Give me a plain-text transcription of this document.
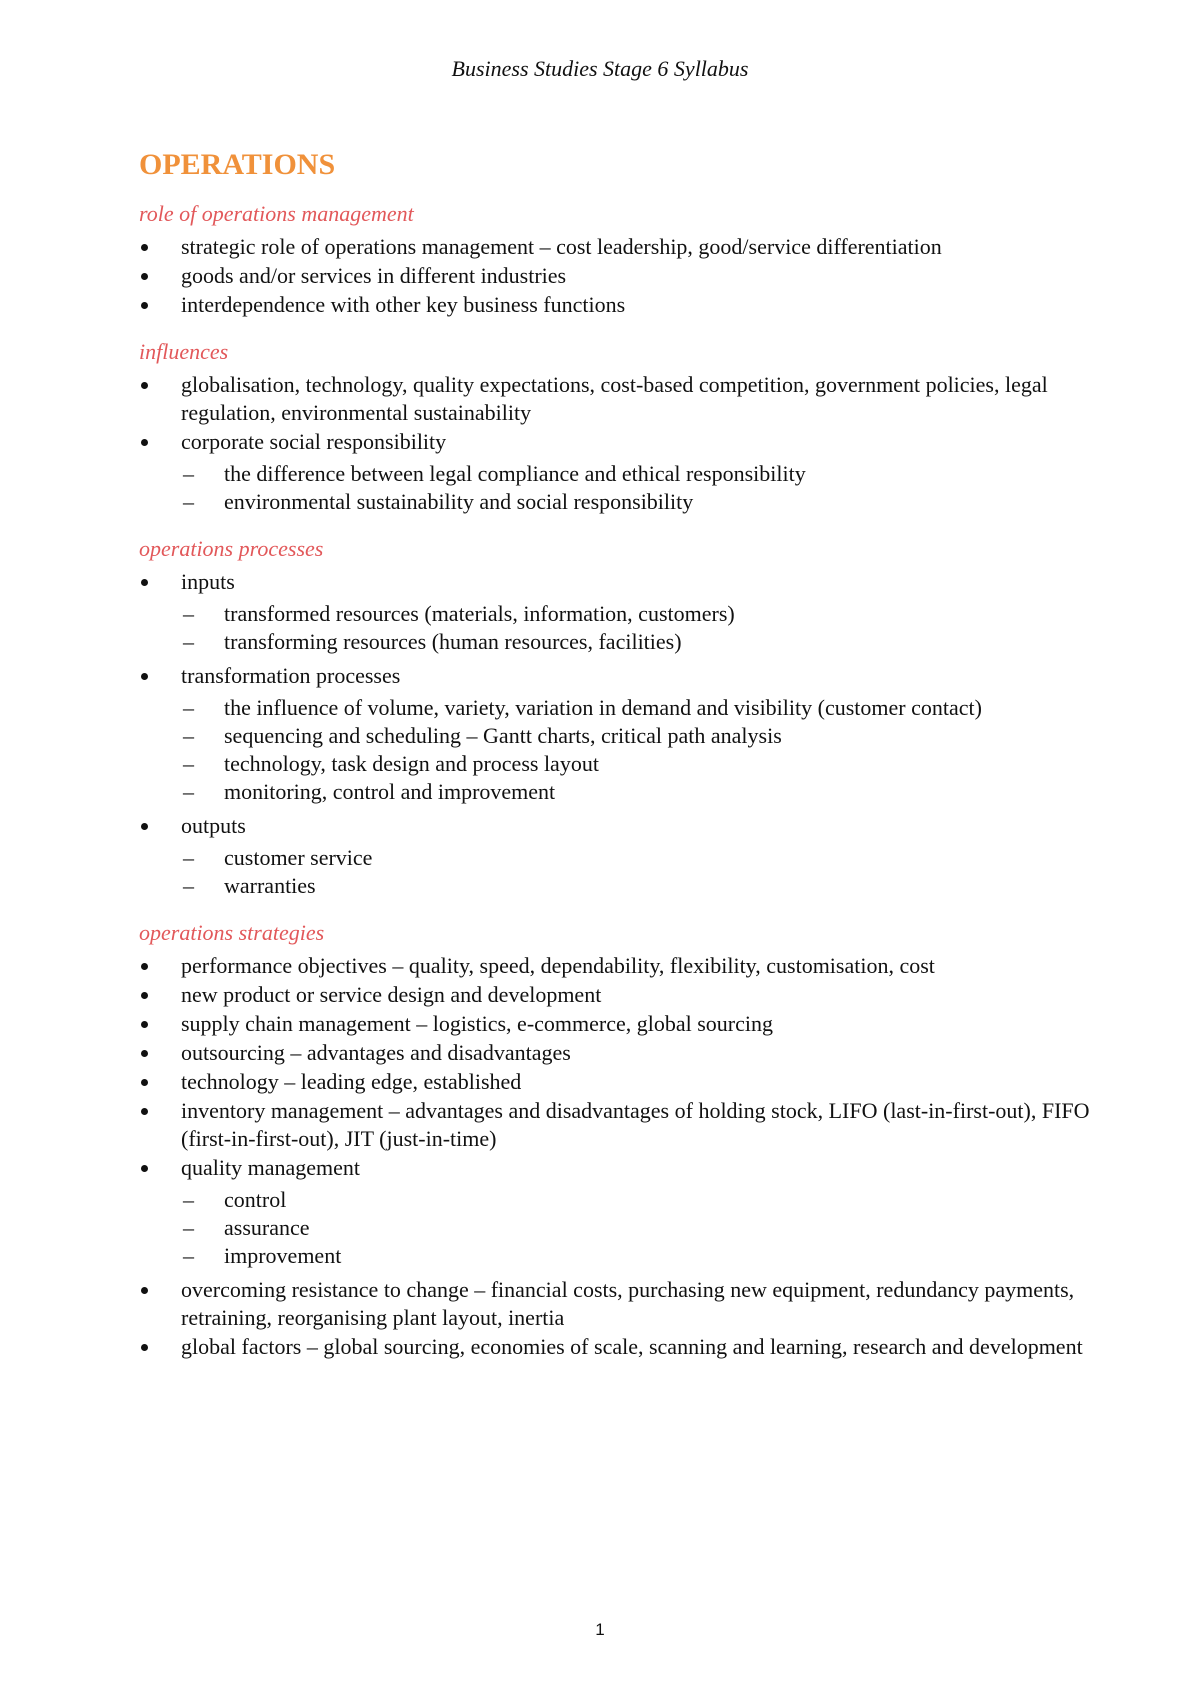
Business Studies Stage 6 Syllabus
OPERATIONS
role of operations management
strategic role of operations management – cost leadership, good/service differentiation
goods and/or services in different industries
interdependence with other key business functions
influences
globalisation, technology, quality expectations, cost-based competition, government policies, legal regulation, environmental sustainability
corporate social responsibility
– the difference between legal compliance and ethical responsibility
– environmental sustainability and social responsibility
operations processes
inputs
– transformed resources (materials, information, customers)
– transforming resources (human resources, facilities)
transformation processes
– the influence of volume, variety, variation in demand and visibility (customer contact)
– sequencing and scheduling – Gantt charts, critical path analysis
– technology, task design and process layout
– monitoring, control and improvement
outputs
– customer service
– warranties
operations strategies
performance objectives – quality, speed, dependability, flexibility, customisation, cost
new product or service design and development
supply chain management – logistics, e-commerce, global sourcing
outsourcing – advantages and disadvantages
technology – leading edge, established
inventory management – advantages and disadvantages of holding stock, LIFO (last-in-first-out), FIFO (first-in-first-out), JIT (just-in-time)
quality management
– control
– assurance
– improvement
overcoming resistance to change – financial costs, purchasing new equipment, redundancy payments, retraining, reorganising plant layout, inertia
global factors – global sourcing, economies of scale, scanning and learning, research and development
1
